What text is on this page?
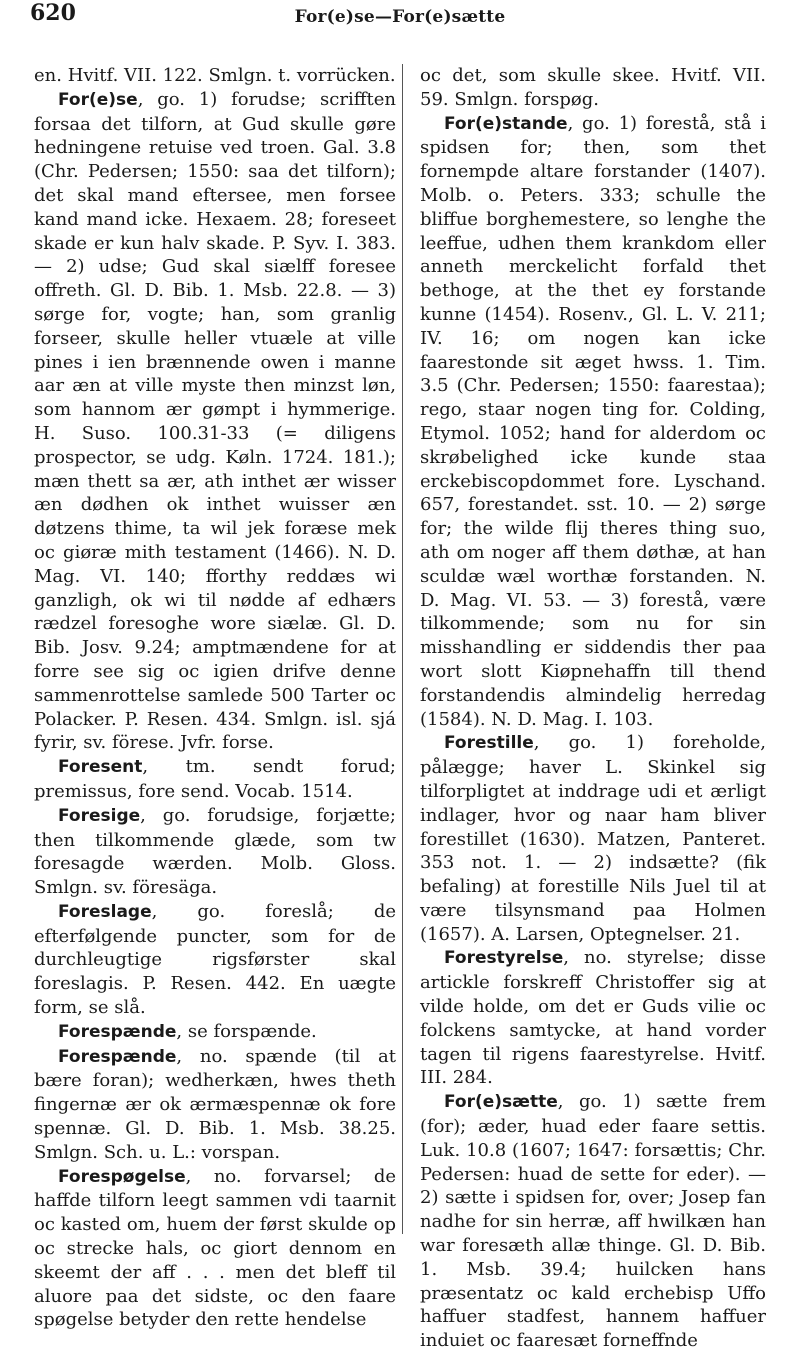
620	For(e)se—For(e)sætte

en. Hvitf. VII. 122. Smlgn. t. vorrücken.

For(e)se, go. 1) forudse; scrifften forsaa det tilforn, at Gud skulle gøre hedningene retuise ved troen. Gal. 3.8 (Chr. Pedersen; 1550: saa det tilforn); det skal mand eftersee, men forsee kand mand icke. Hexaem. 28; foreseet skade er kun halv skade. P. Syv. I. 383. — 2) udse; Gud skal siælff foresee offreth. Gl. D. Bib. 1. Msb. 22.8. — 3) sørge for, vogte; han, som granlig forseer, skulle heller vtuæle at ville pines i ien brænnende owen i manne aar æn at ville myste then minzst løn, som hannom ær gømpt i hymmerige. H. Suso. 100.31-33 (= diligens prospector, se udg. Køln. 1724. 181.); mæn thett sa ær, ath inthet ær wisser æn dødhen ok inthet wuisser æn døtzens thime, ta wil jek foræse mek oc giøræ mith testament (1466). N. D. Mag. VI. 140; fforthy reddæs wi ganzligh, ok wi til nødde af edhærs rædzel foresoghe wore siælæ. Gl. D. Bib. Josv. 9.24; amptmændene for at forre see sig oc igien drifve denne sammenrottelse samlede 500 Tarter oc Polacker. P. Resen. 434. Smlgn. isl. sjá fyrir, sv. förese. Jvfr. forse.

Foresent, tm. sendt forud; premissus, fore send. Vocab. 1514.

Foresige, go. forudsige, forjætte; then tilkommende glæde, som tw foresagde wærden. Molb. Gloss. Smlgn. sv. föresäga.

Foreslage, go. foreslå; de efterfølgende puncter, som for de durchleugtige rigsførster skal foreslagis. P. Resen. 442. En uægte form, se slå.

Forespænde, se forspænde.

Forespænde, no. spænde (til at bære foran); wedherkæn, hwes theth fingernæ ær ok ærmæspennæ ok fore spennæ. Gl. D. Bib. 1. Msb. 38.25. Smlgn. Sch. u. L.: vorspan.

Forespøgelse, no. forvarsel; de haffde tilforn leegt sammen vdi taarnit oc kasted om, huem der først skulde op oc strecke hals, oc giort dennom en skeemt der aff . . . men det bleff til aluore paa det sidste, oc den faare spøgelse betyder den rette hendelse

oc det, som skulle skee. Hvitf. VII. 59. Smlgn. forspøg.

For(e)stande, go. 1) forestå, stå i spidsen for; then, som thet fornempde altare forstander (1407). Molb. o. Peters. 333; schulle the bliffue borghemestere, so lenghe the leeffue, udhen them krankdom eller anneth merckelicht forfald thet bethoge, at the thet ey forstande kunne (1454). Rosenv., Gl. L. V. 211; IV. 16; om nogen kan icke faarestonde sit æget hwss. 1. Tim. 3.5 (Chr. Pedersen; 1550: faarestaa); rego, staar nogen ting for. Colding, Etymol. 1052; hand for alderdom oc skrøbelighed icke kunde staa erckebiscopdommet fore. Lyschand. 657, forestandet. sst. 10. — 2) sørge for; the wilde flij theres thing suo, ath om noger aff them døthæ, at han sculdæ wæl worthæ forstanden. N. D. Mag. VI. 53. — 3) forestå, være tilkommende; som nu for sin misshandling er siddendis ther paa wort slott Kiøpnehaffn till thend forstandendis almindelig herredag (1584). N. D. Mag. I. 103.

Forestille, go. 1) foreholde, pålægge; haver L. Skinkel sig tilforpligtet at inddrage udi et ærligt indlager, hvor og naar ham bliver forestillet (1630). Matzen, Panteret. 353 not. 1. — 2) indsætte? (fik befaling) at forestille Nils Juel til at være tilsynsmand paa Holmen (1657). A. Larsen, Optegnelser. 21.

Forestyrelse, no. styrelse; disse artickle forskreff Christoffer sig at vilde holde, om det er Guds vilie oc folckens samtycke, at hand vorder tagen til rigens faarestyrelse. Hvitf. III. 284.

For(e)sætte, go. 1) sætte frem (for); æder, huad eder faare settis. Luk. 10.8 (1607; 1647: forsættis; Chr. Pedersen: huad de sette for eder). — 2) sætte i spidsen for, over; Josep fan nadhe for sin herræ, aff hwilkæn han war foresæth allæ thinge. Gl. D. Bib. 1. Msb. 39.4; huilcken hans præsentatz oc kald erchebisp Uffo haffuer stadfest, hannem haffuer induiet oc faaresæt forneffnde
